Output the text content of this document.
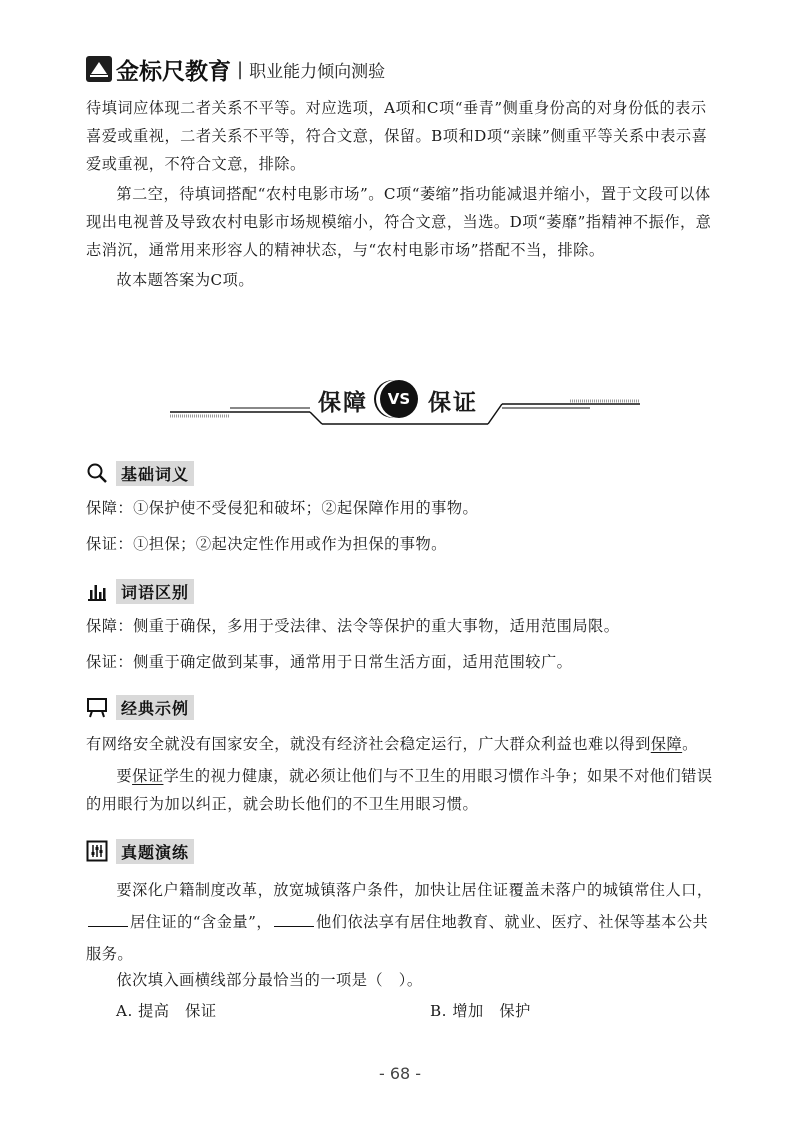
金标尺教育 | 职业能力倾向测验

待填词应体现二者关系不平等。对应选项，A项和C项“垂青”侧重身份高的对身份低的表示喜爱或重视，二者关系不平等，符合文意，保留。B项和D项“亲睐”侧重平等关系中表示喜爱或重视，不符合文意，排除。

第二空，待填词搭配“农村电影市场”。C项“萎缩”指功能减退并缩小，置于文段可以体现出电视普及导致农村电影市场规模缩小，符合文意，当选。D项“萎靡”指精神不振作，意志消沉，通常用来形容人的精神状态，与“农村电影市场”搭配不当，排除。

故本题答案为C项。

保障	VS 保证
基础词义

保障：①保护使不受侵犯和破坏；②起保障作用的事物。

保证：①担保；②起决定性作用或作为担保的事物。

词语区别

保障：侧重于确保，多用于受法律、法令等保护的重大事物，适用范围局限。

保证：侧重于确定做到某事，通常用于日常生活方面，适用范围较广。

经典示例

有网络安全就没有国家安全，就没有经济社会稳定运行，广大群众利益也难以得到保障。

要保证学生的视力健康，就必须让他们与不卫生的用眼习惯作斗争；如果不对他们错误的用眼行为加以纠正，就会助长他们的不卫生用眼习惯。

真题演练

要深化户籍制度改革，放宽城镇落户条件，加快让居住证覆盖未落户的城镇常住人口，居住证的“含金量”，	他们依法享有居住地教育、就业、医疗、社保等基本公共服务。

依次填入画横线部分最恰当的一项是（　）。

A. 提高　保证	B. 增加　保护
- 68 -
